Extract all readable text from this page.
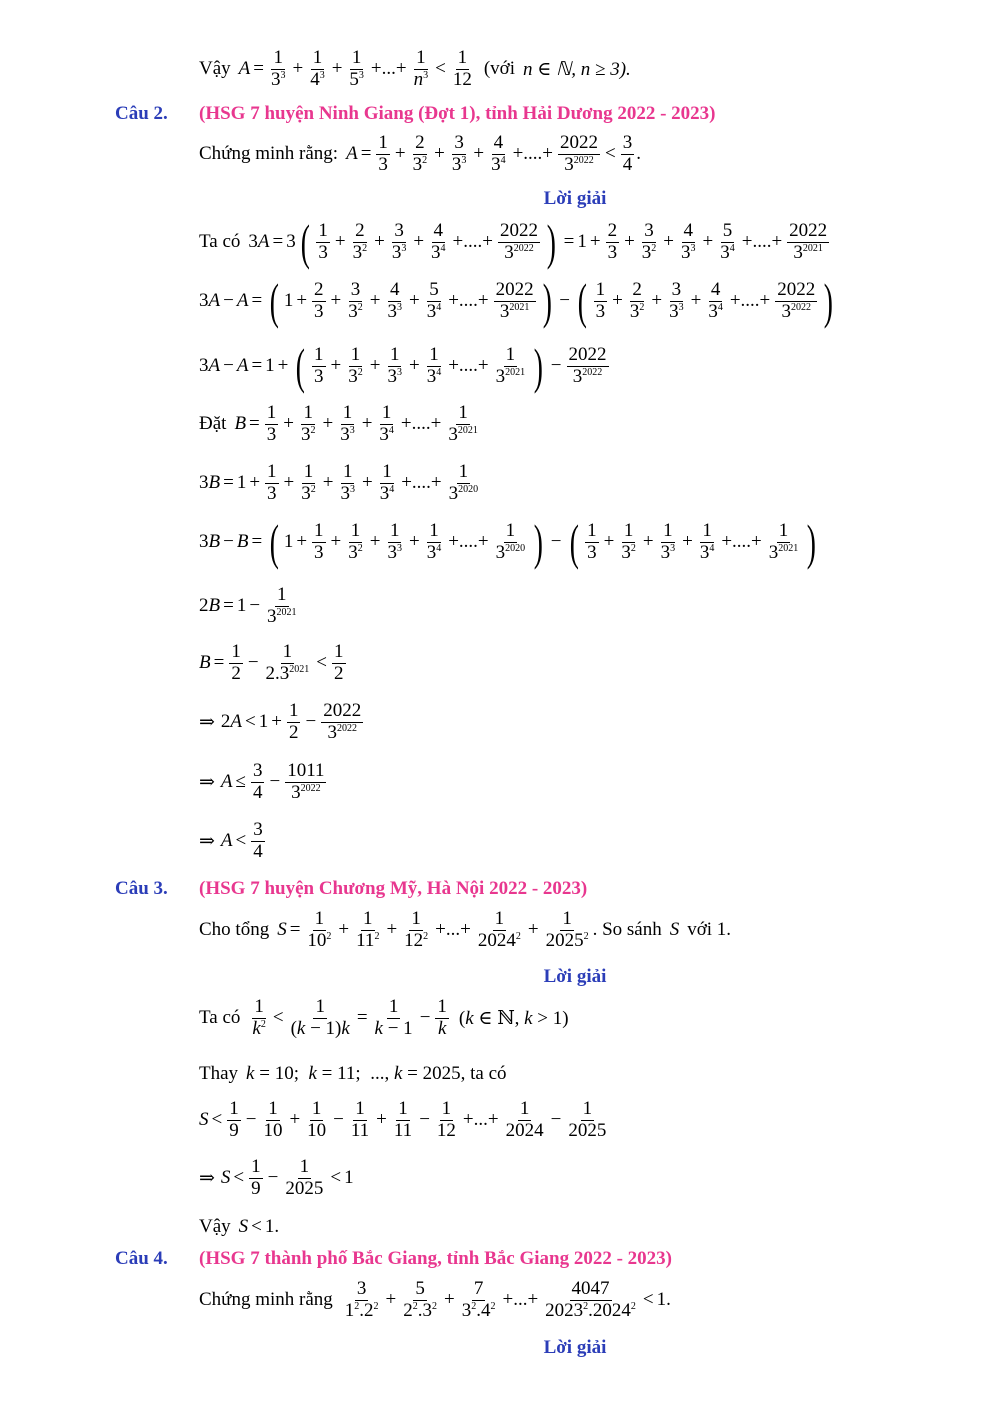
Vậy $A = \frac{1}{3^3} + \frac{1}{4^3} + \frac{1}{5^3}$ +...+ $\frac{1}{n^3}$ <
1
12 (với n ∈ ℕ, n ≥ 3).
Câu 2. (HSG 7 huyện Ninh Giang (Đợt 1), tỉnh Hải Dương 2022 - 2023)
Chứng minh rằng: $A = \frac{1}{3} + \frac{2}{3^2} + \frac{3}{3^3} + \frac{4}{3^4}$ +....+ $\frac{2022}{3^{2022}}$ <
3
4 .
Lời giải
Ta có 3A = 3 ( 1
$3 + \frac{2}{3^2} + \frac{3}{3^3} + \frac{4}{3^4}$ +....+ $\frac{2022}{3^{2022}}$ ) = $1 + \frac{2}{3} + \frac{3}{3^2} + \frac{4}{3^3} + \frac{5}{3^4}$ +....+ $\frac{2022}{3^{2021}}$
3A − A = ( $1 + \frac{2}{3} + \frac{3}{3^2} + \frac{4}{3^3} + \frac{5}{3^4}$ +....+ $\frac{2022}{3^{2021}}$ ) − ( 1
$3 + \frac{2}{3^2} + \frac{3}{3^3} + \frac{4}{3^4}$ +....+ $\frac{2022}{3^{2022}}$ )
3A − A = 1 + ( 1
$3 + \frac{1}{3^2} + \frac{1}{3^3} + \frac{1}{3^4}$ +....+ $\frac{1}{3^{2021}}$ ) − $\frac{2022}{3^{2022}}$
Đặt $B = \frac{1}{3} + \frac{1}{3^2} + \frac{1}{3^3} + \frac{1}{3^4}$ +....+ $\frac{1}{3^{2021}}$
$3B = 1 + \frac{1}{3} + \frac{1}{3^2} + \frac{1}{3^3} + \frac{1}{3^4}$ +....+ $\frac{1}{3^{2020}}$
3B − B = ( $1 + \frac{1}{3} + \frac{1}{3^2} + \frac{1}{3^3} + \frac{1}{3^4}$ +....+ $\frac{1}{3^{2020}}$ ) − ( 1
$3 + \frac{1}{3^2} + \frac{1}{3^3} + \frac{1}{3^4}$ +....+ $\frac{1}{3^{2021}}$ )
$2B = 1 - \frac{1}{3^{2021}}$
$B = \frac{1}{2} - \frac{1}{2.3^{2021}}$ <
1
2
⇒ $2A < 1 + \frac{1}{2} - \frac{2022}{3^{2022}}$
⇒ $A \le \frac{3}{4} - \frac{1011}{3^{2022}}$
⇒ A <
3
4
Câu 3. (HSG 7 huyện Chương Mỹ, Hà Nội 2022 - 2023)
Cho tổng $S = \frac{1}{10^2} + \frac{1}{11^2} + \frac{1}{12^2}$ +...+ $\frac{1}{2024^2} + \frac{1}{2025^2}$ . So sánh S với 1.
Lời giải
Ta có
1
$k^2 < \frac{1}{(k - 1)k} = \frac{1}{k - 1} - \frac{1}{k} (k$ ∈ ℕ, k > 1)
Thay k = 10;  k = 11;  ..., k = 2025 , ta có
S <
1
$9 - \frac{1}{10} + \frac{1}{10} - \frac{1}{11} + \frac{1}{11} - \frac{1}{12}$ +...+ $\frac{1}{2024} - \frac{1}{2025}$
⇒ S <
1
$9 - \frac{1}{2025} < 1$
Vậy S < 1.
Câu 4. (HSG 7 thành phố Bắc Giang, tỉnh Bắc Giang 2022 - 2023)
Chứng minh rằng
3
$1^2.2^2 + \frac{5}{2^2.3^2} + \frac{7}{3^2.4^2}$ +...+ $\frac{4047}{2023^2.2024^2} < 1$.
Lời giải
